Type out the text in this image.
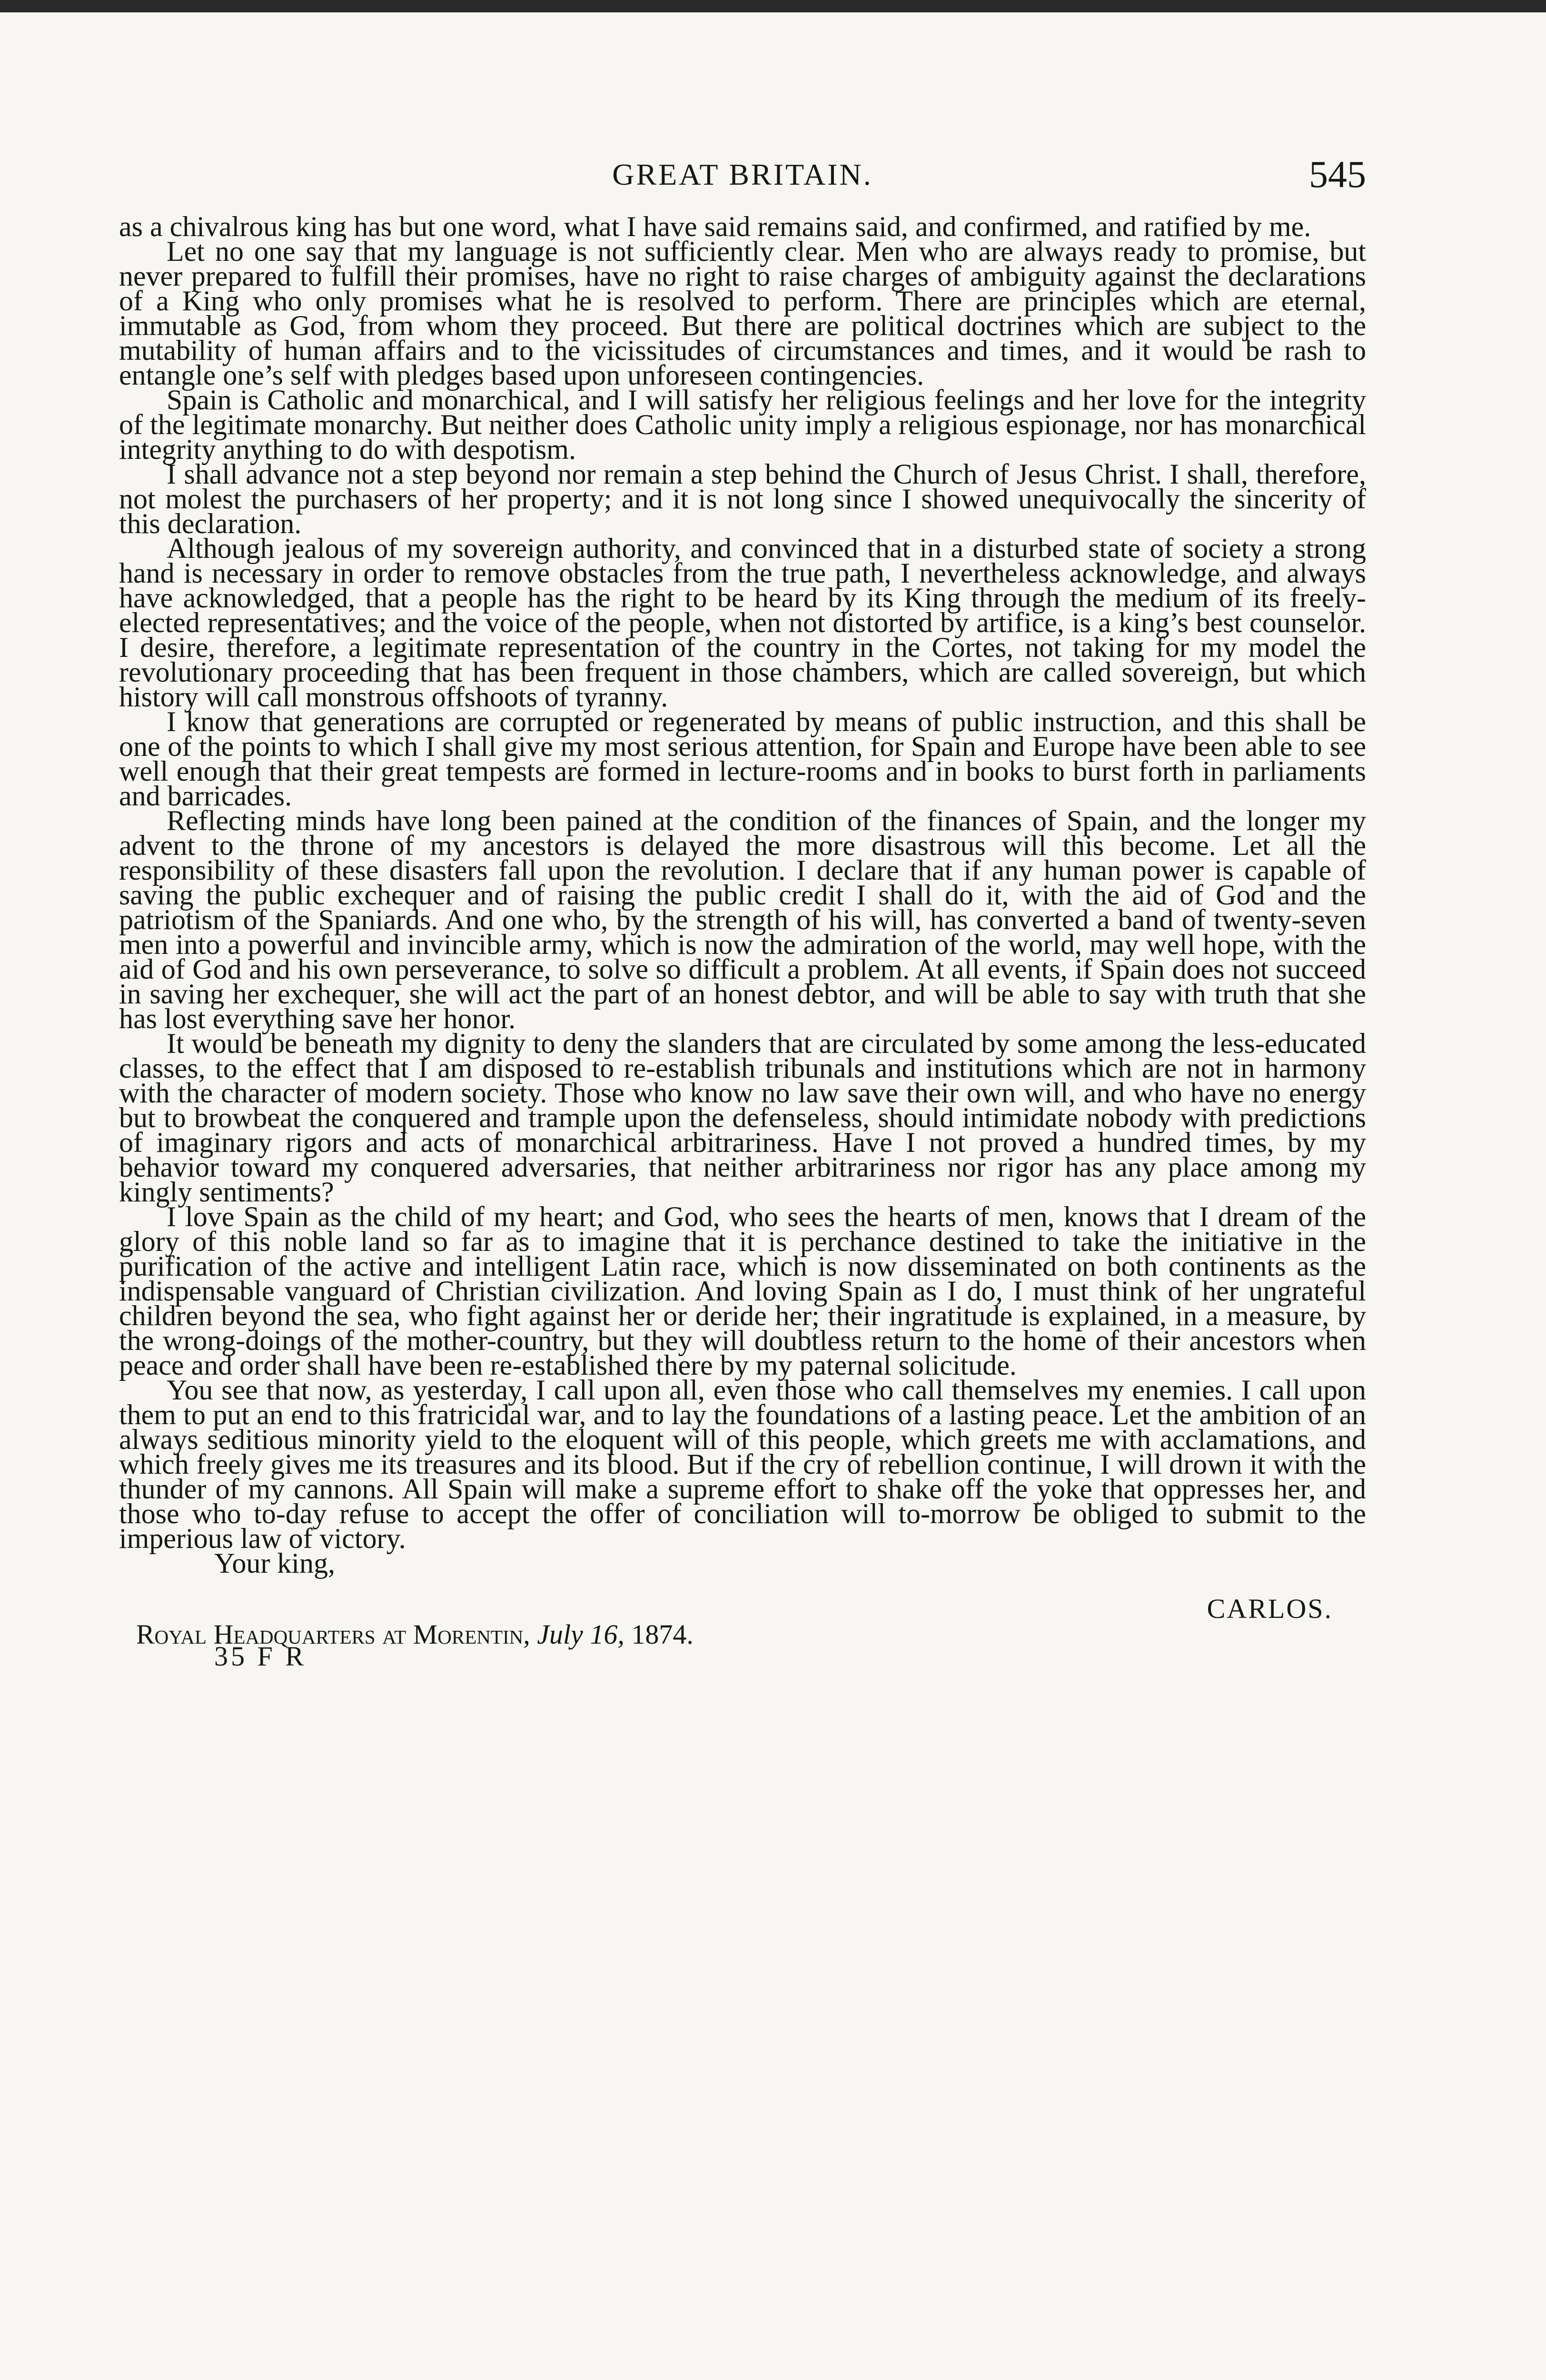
GREAT BRITAIN.	545

as a chivalrous king has but one word, what I have said remains said, and confirmed, and ratified by me.

Let no one say that my language is not sufficiently clear. Men who are always ready to promise, but never prepared to fulfill their promises, have no right to raise charges of ambiguity against the declarations of a King who only promises what he is resolved to perform. There are principles which are eternal, immutable as God, from whom they proceed. But there are political doctrines which are subject to the mutability of human affairs and to the vicissitudes of circumstances and times, and it would be rash to entangle one’s self with pledges based upon unforeseen contingencies.

Spain is Catholic and monarchical, and I will satisfy her religious feelings and her love for the integrity of the legitimate monarchy. But neither does Catholic unity imply a religious espionage, nor has monarchical integrity anything to do with despotism.

I shall advance not a step beyond nor remain a step behind the Church of Jesus Christ. I shall, therefore, not molest the purchasers of her property; and it is not long since I showed unequivocally the sincerity of this declaration.

Although jealous of my sovereign authority, and convinced that in a disturbed state of society a strong hand is necessary in order to remove obstacles from the true path, I nevertheless acknowledge, and always have acknowledged, that a people has the right to be heard by its King through the medium of its freely-elected representatives; and the voice of the people, when not distorted by artifice, is a king’s best counselor. I desire, therefore, a legitimate representation of the country in the Cortes, not taking for my model the revolutionary proceeding that has been frequent in those chambers, which are called sovereign, but which history will call monstrous offshoots of tyranny.

I know that generations are corrupted or regenerated by means of public instruction, and this shall be one of the points to which I shall give my most serious attention, for Spain and Europe have been able to see well enough that their great tempests are formed in lecture-rooms and in books to burst forth in parliaments and barricades.

Reflecting minds have long been pained at the condition of the finances of Spain, and the longer my advent to the throne of my ancestors is delayed the more disastrous will this become. Let all the responsibility of these disasters fall upon the revolution. I declare that if any human power is capable of saving the public exchequer and of raising the public credit I shall do it, with the aid of God and the patriotism of the Spaniards. And one who, by the strength of his will, has converted a band of twenty-seven men into a powerful and invincible army, which is now the admiration of the world, may well hope, with the aid of God and his own perseverance, to solve so difficult a problem. At all events, if Spain does not succeed in saving her exchequer, she will act the part of an honest debtor, and will be able to say with truth that she has lost everything save her honor.

It would be beneath my dignity to deny the slanders that are circulated by some among the less-educated classes, to the effect that I am disposed to re-establish tribunals and institutions which are not in harmony with the character of modern society. Those who know no law save their own will, and who have no energy but to browbeat the conquered and trample upon the defenseless, should intimidate nobody with predictions of imaginary rigors and acts of monarchical arbitrariness. Have I not proved a hundred times, by my behavior toward my conquered adversaries, that neither arbitrariness nor rigor has any place among my kingly sentiments?

I love Spain as the child of my heart; and God, who sees the hearts of men, knows that I dream of the glory of this noble land so far as to imagine that it is perchance destined to take the initiative in the purification of the active and intelligent Latin race, which is now disseminated on both continents as the indispensable vanguard of Christian civilization. And loving Spain as I do, I must think of her ungrateful children beyond the sea, who fight against her or deride her; their ingratitude is explained, in a measure, by the wrong-doings of the mother-country, but they will doubtless return to the home of their ancestors when peace and order shall have been re-established there by my paternal solicitude.

You see that now, as yesterday, I call upon all, even those who call themselves my enemies. I call upon them to put an end to this fratricidal war, and to lay the foundations of a lasting peace. Let the ambition of an always seditious minority yield to the eloquent will of this people, which greets me with acclamations, and which freely gives me its treasures and its blood. But if the cry of rebellion continue, I will drown it with the thunder of my cannons. All Spain will make a supreme effort to shake off the yoke that oppresses her, and those who to-day refuse to accept the offer of conciliation will to-morrow be obliged to submit to the imperious law of victory.

Your king,

CARLOS.
Royal Headquarters at Morentin, July 16, 1874.
35 F R
